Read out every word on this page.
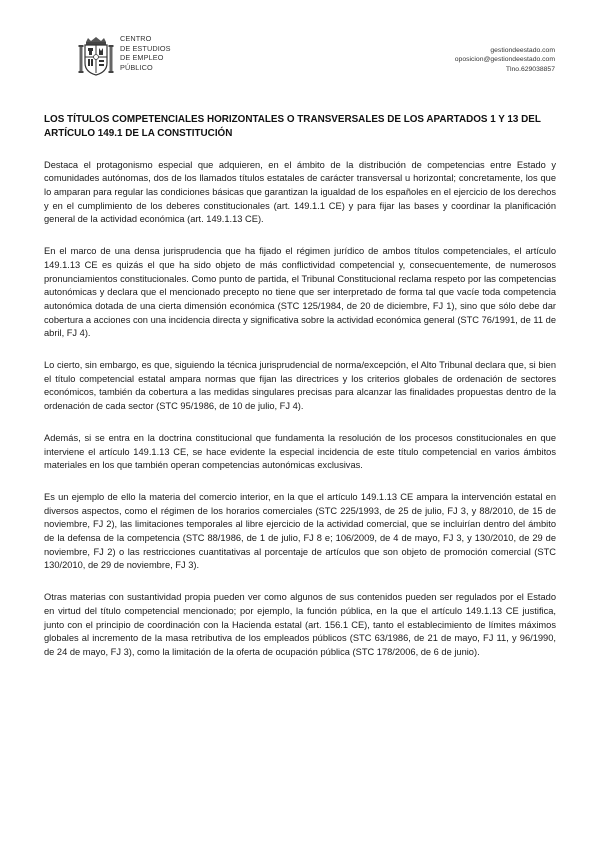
CENTRO
DE ESTUDIOS
DE EMPLEO
PÚBLICO
gestiondeestado.com
oposicion@gestiondeestado.com
Tlno.629038857
LOS TÍTULOS COMPETENCIALES HORIZONTALES O TRANSVERSALES DE LOS APARTADOS 1 Y 13 DEL ARTÍCULO 149.1 DE LA CONSTITUCIÓN

Destaca el protagonismo especial que adquieren, en el ámbito de la distribución de competencias entre Estado y comunidades autónomas, dos de los llamados títulos estatales de carácter transversal u horizontal; concretamente, los que lo amparan para regular las condiciones básicas que garantizan la igualdad de los españoles en el ejercicio de los derechos y en el cumplimiento de los deberes constitucionales (art. 149.1.1 CE) y para fijar las bases y coordinar la planificación general de la actividad económica (art. 149.1.13 CE).

En el marco de una densa jurisprudencia que ha fijado el régimen jurídico de ambos títulos competenciales, el artículo 149.1.13 CE es quizás el que ha sido objeto de más conflictividad competencial y, consecuentemente, de numerosos pronunciamientos constitucionales. Como punto de partida, el Tribunal Constitucional reclama respeto por las competencias autonómicas y declara que el mencionado precepto no tiene que ser interpretado de forma tal que vacíe toda competencia autonómica dotada de una cierta dimensión económica (STC 125/1984, de 20 de diciembre, FJ 1), sino que sólo debe dar cobertura a acciones con una incidencia directa y significativa sobre la actividad económica general (STC 76/1991, de 11 de abril, FJ 4).

Lo cierto, sin embargo, es que, siguiendo la técnica jurisprudencial de norma/excepción, el Alto Tribunal declara que, si bien el título competencial estatal ampara normas que fijan las directrices y los criterios globales de ordenación de sectores económicos, también da cobertura a las medidas singulares precisas para alcanzar las finalidades propuestas dentro de la ordenación de cada sector (STC 95/1986, de 10 de julio, FJ 4).

Además, si se entra en la doctrina constitucional que fundamenta la resolución de los procesos constitucionales en que interviene el artículo 149.1.13 CE, se hace evidente la especial incidencia de este título competencial en varios ámbitos materiales en los que también operan competencias autonómicas exclusivas.

Es un ejemplo de ello la materia del comercio interior, en la que el artículo 149.1.13 CE ampara la intervención estatal en diversos aspectos, como el régimen de los horarios comerciales (STC 225/1993, de 25 de julio, FJ 3, y 88/2010, de 15 de noviembre, FJ 2), las limitaciones temporales al libre ejercicio de la actividad comercial, que se incluirían dentro del ámbito de la defensa de la competencia (STC 88/1986, de 1 de julio, FJ 8 e; 106/2009, de 4 de mayo, FJ 3, y 130/2010, de 29 de noviembre, FJ 2) o las restricciones cuantitativas al porcentaje de artículos que son objeto de promoción comercial (STC 130/2010, de 29 de noviembre, FJ 3).

Otras materias con sustantividad propia pueden ver como algunos de sus contenidos pueden ser regulados por el Estado en virtud del título competencial mencionado; por ejemplo, la función pública, en la que el artículo 149.1.13 CE justifica, junto con el principio de coordinación con la Hacienda estatal (art. 156.1 CE), tanto el establecimiento de límites máximos globales al incremento de la masa retributiva de los empleados públicos (STC 63/1986, de 21 de mayo, FJ 11, y 96/1990, de 24 de mayo, FJ 3), como la limitación de la oferta de ocupación pública (STC 178/2006, de 6 de junio).
